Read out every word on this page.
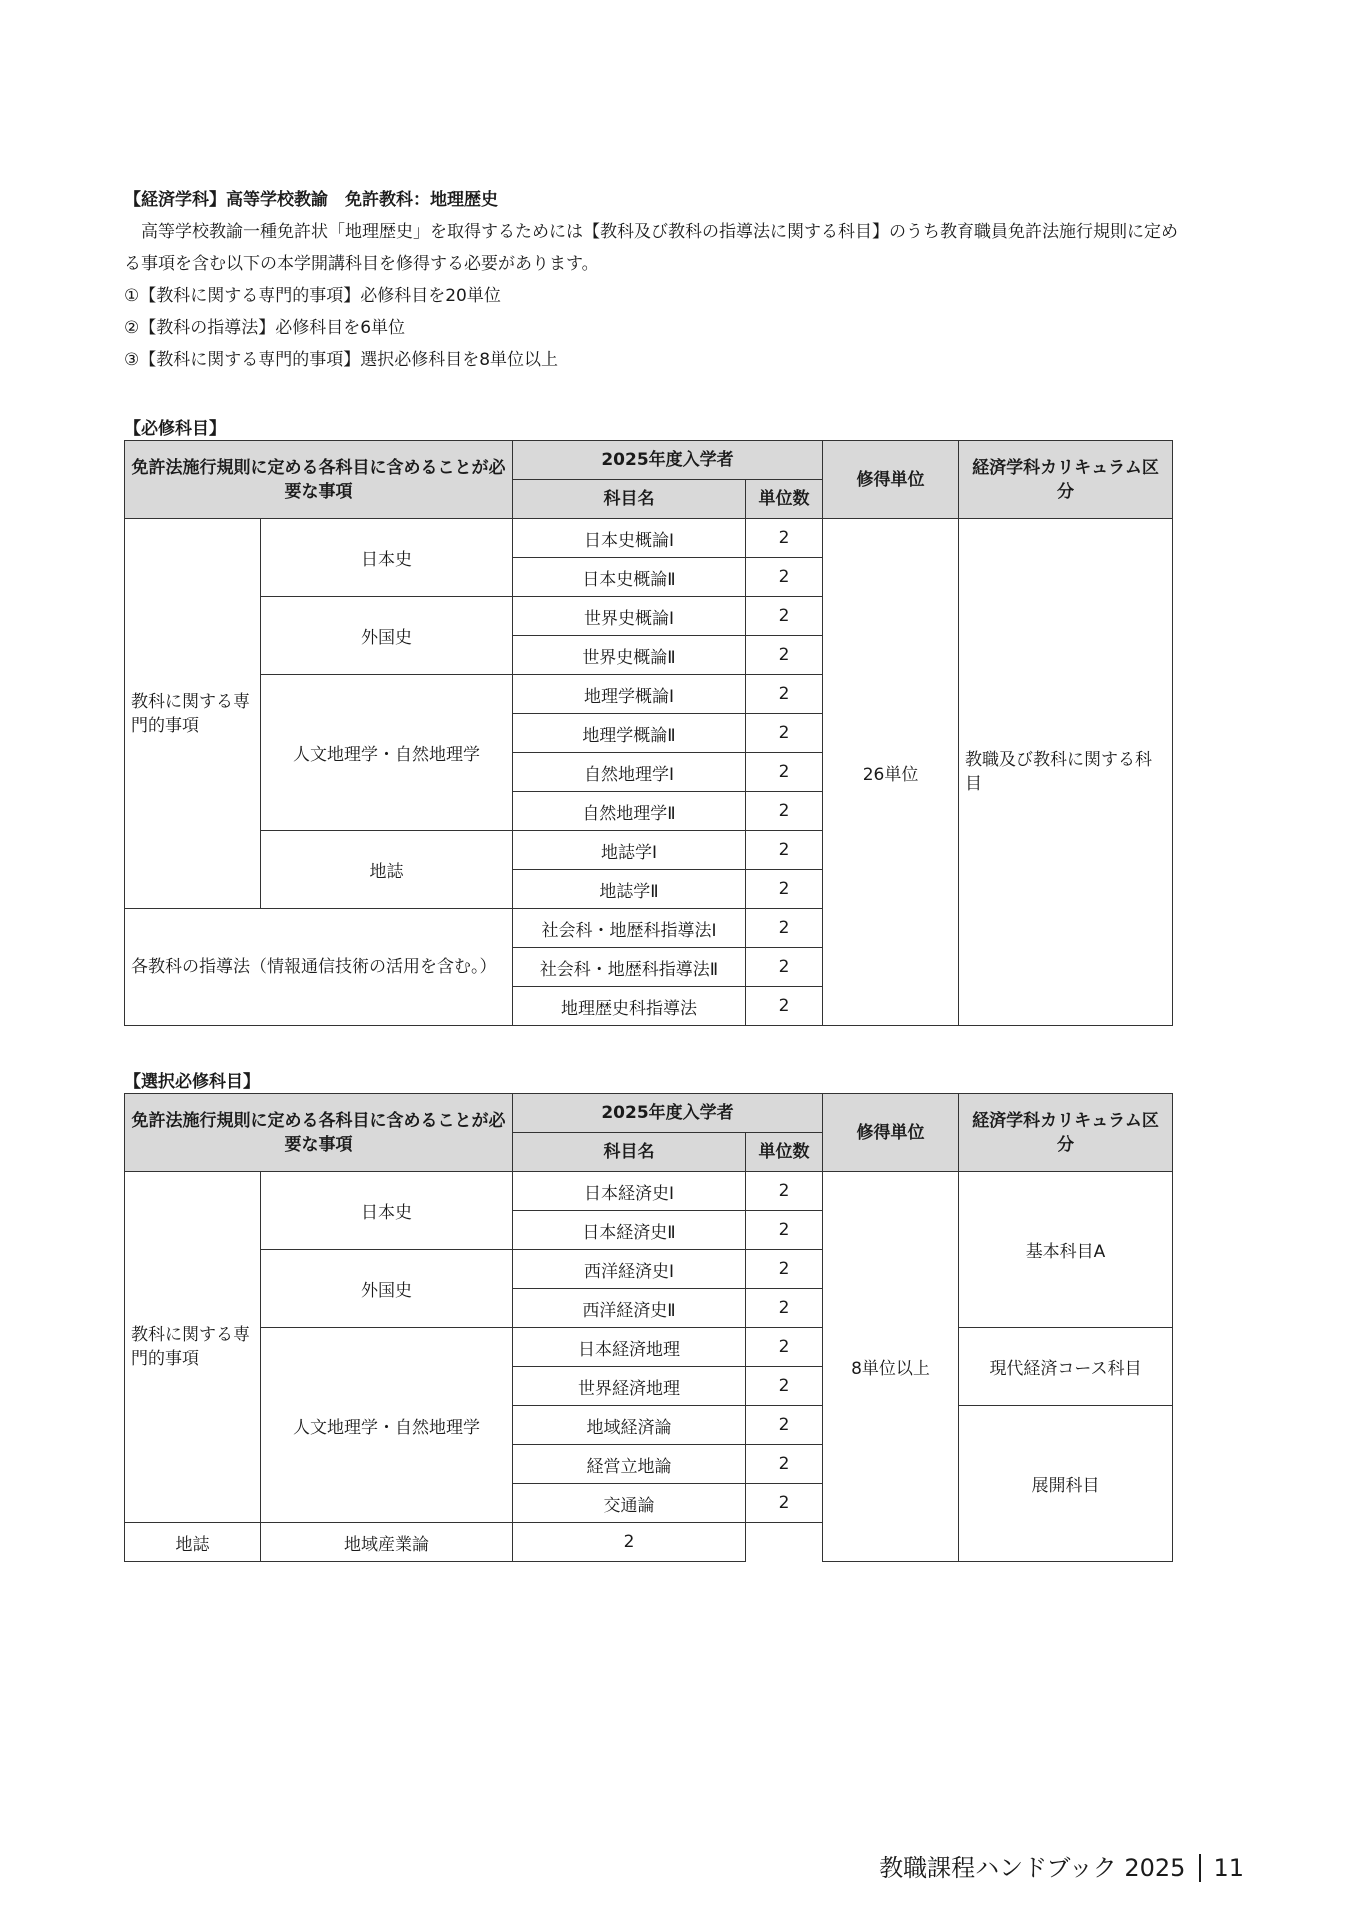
【経済学科】高等学校教諭　免許教科：地理歴史
高等学校教諭一種免許状「地理歴史」を取得するためには【教科及び教科の指導法に関する科目】のうち教育職員免許法施行規則に定める事項を含む以下の本学開講科目を修得する必要があります。
①【教科に関する専門的事項】必修科目を20単位
②【教科の指導法】必修科目を6単位
③【教科に関する専門的事項】選択必修科目を8単位以上
【必修科目】
免許法施行規則に定める各科目に含めることが必要な事項		2025年度入学者		修得単位	経済学科カリキュラム区分
		科目名	単位数		
教科に関する専門的事項	日本史	日本史概論Ⅰ	2	26単位	教職及び教科に関する科目
		日本史概論Ⅱ	2		
	外国史	世界史概論Ⅰ	2		
		世界史概論Ⅱ	2		
	人文地理学・自然地理学	地理学概論Ⅰ	2		
		地理学概論Ⅱ	2		
		自然地理学Ⅰ	2		
		自然地理学Ⅱ	2		
	地誌	地誌学Ⅰ	2		
		地誌学Ⅱ	2		
各教科の指導法（情報通信技術の活用を含む。）		社会科・地歴科指導法Ⅰ	2		
		社会科・地歴科指導法Ⅱ	2		
		地理歴史科指導法	2		
【選択必修科目】
免許法施行規則に定める各科目に含めることが必要な事項		2025年度入学者		修得単位	経済学科カリキュラム区分
		科目名	単位数		
教科に関する専門的事項	日本史	日本経済史Ⅰ	2	8単位以上	基本科目A
		日本経済史Ⅱ	2		
	外国史	西洋経済史Ⅰ	2		
		西洋経済史Ⅱ	2		
	人文地理学・自然地理学	日本経済地理	2		現代経済コース科目
		世界経済地理	2		
		地域経済論	2		展開科目
		経営立地論	2		
		交通論	2		
地誌	地域産業論	2			
教職課程ハンドブック 2025 11
